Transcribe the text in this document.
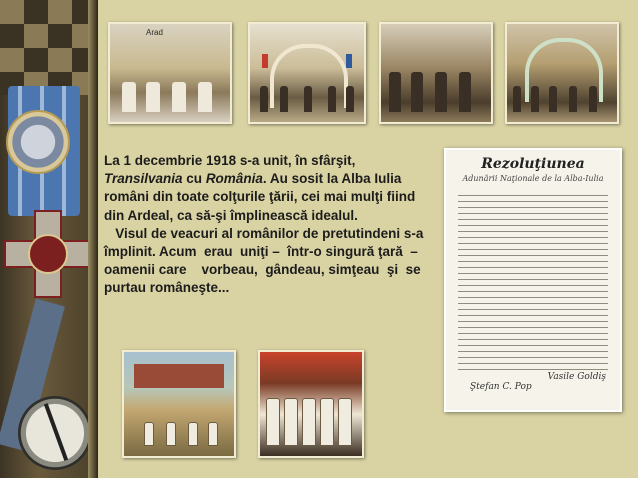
Arad

La 1 decembrie 1918 s-a unit, în sfârşit, Transilvania cu România. Au sosit la Alba Iulia români din toate colţurile ţării, cei mai mulţi fiind din Ardeal, ca să-şi împlinească idealul.

Visul de veacuri al românilor de pretutindeni s-a împlinit. Acum  erau  uniţi –  într-o singură ţară  –oamenii care    vorbeau,  gândeau, simţeau  şi  se purtau româneşte...

Rezoluţiunea
Adunării Naţionale de la Alba-Iulia
Vasile Goldiş
Ştefan C. Pop
